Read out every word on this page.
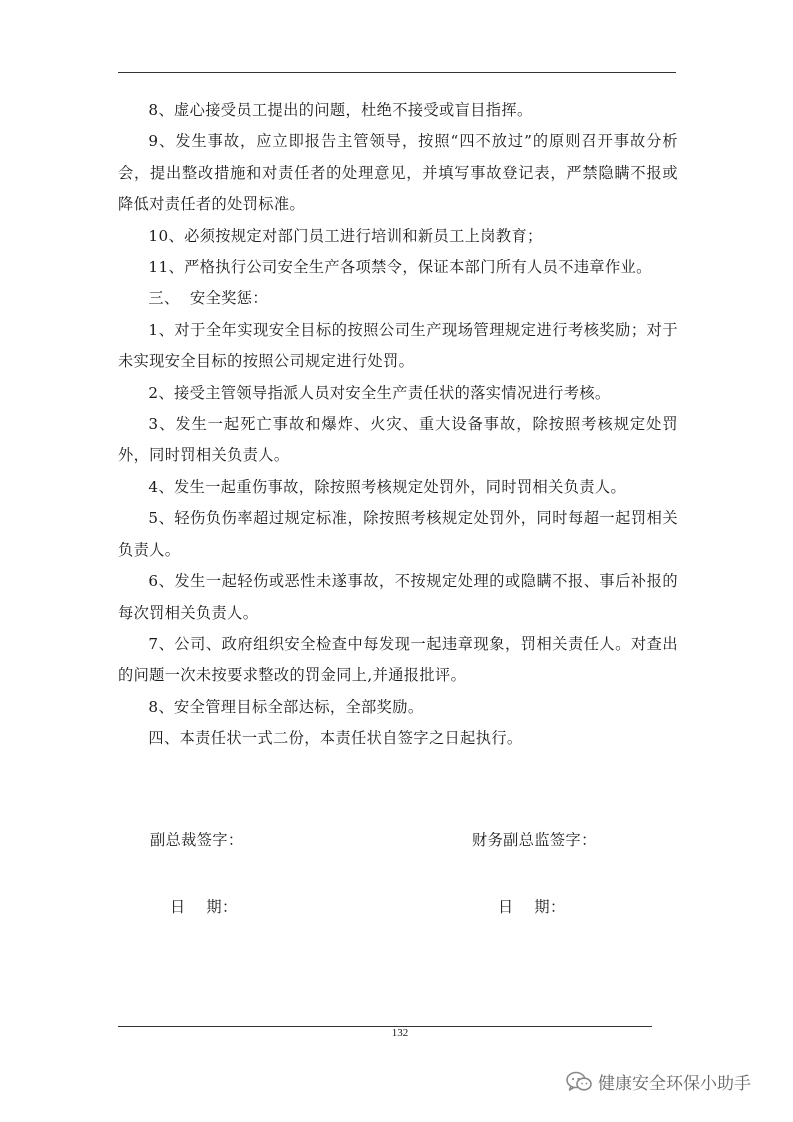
8、虚心接受员工提出的问题，杜绝不接受或盲目指挥。

9、发生事故，应立即报告主管领导，按照“四不放过”的原则召开事故分析会，提出整改措施和对责任者的处理意见，并填写事故登记表，严禁隐瞒不报或降低对责任者的处罚标准。

10、必须按规定对部门员工进行培训和新员工上岗教育；

11、严格执行公司安全生产各项禁令，保证本部门所有人员不违章作业。

三、  安全奖惩：

1、对于全年实现安全目标的按照公司生产现场管理规定进行考核奖励；对于未实现安全目标的按照公司规定进行处罚。

2、接受主管领导指派人员对安全生产责任状的落实情况进行考核。

3、发生一起死亡事故和爆炸、火灾、重大设备事故，除按照考核规定处罚外，同时罚相关负责人。

4、发生一起重伤事故，除按照考核规定处罚外，同时罚相关负责人。

5、轻伤负伤率超过规定标准，除按照考核规定处罚外，同时每超一起罚相关负责人。

6、发生一起轻伤或恶性未遂事故，不按规定处理的或隐瞒不报、事后补报的每次罚相关负责人。

7、公司、政府组织安全检查中每发现一起违章现象，罚相关责任人。对查出的问题一次未按要求整改的罚金同上,并通报批评。

8、安全管理目标全部达标，全部奖励。

四、本责任状一式二份，本责任状自签字之日起执行。

副总裁签字：	财务副总监签字：
日　 期：	日　 期：
132
健康安全环保小助手
